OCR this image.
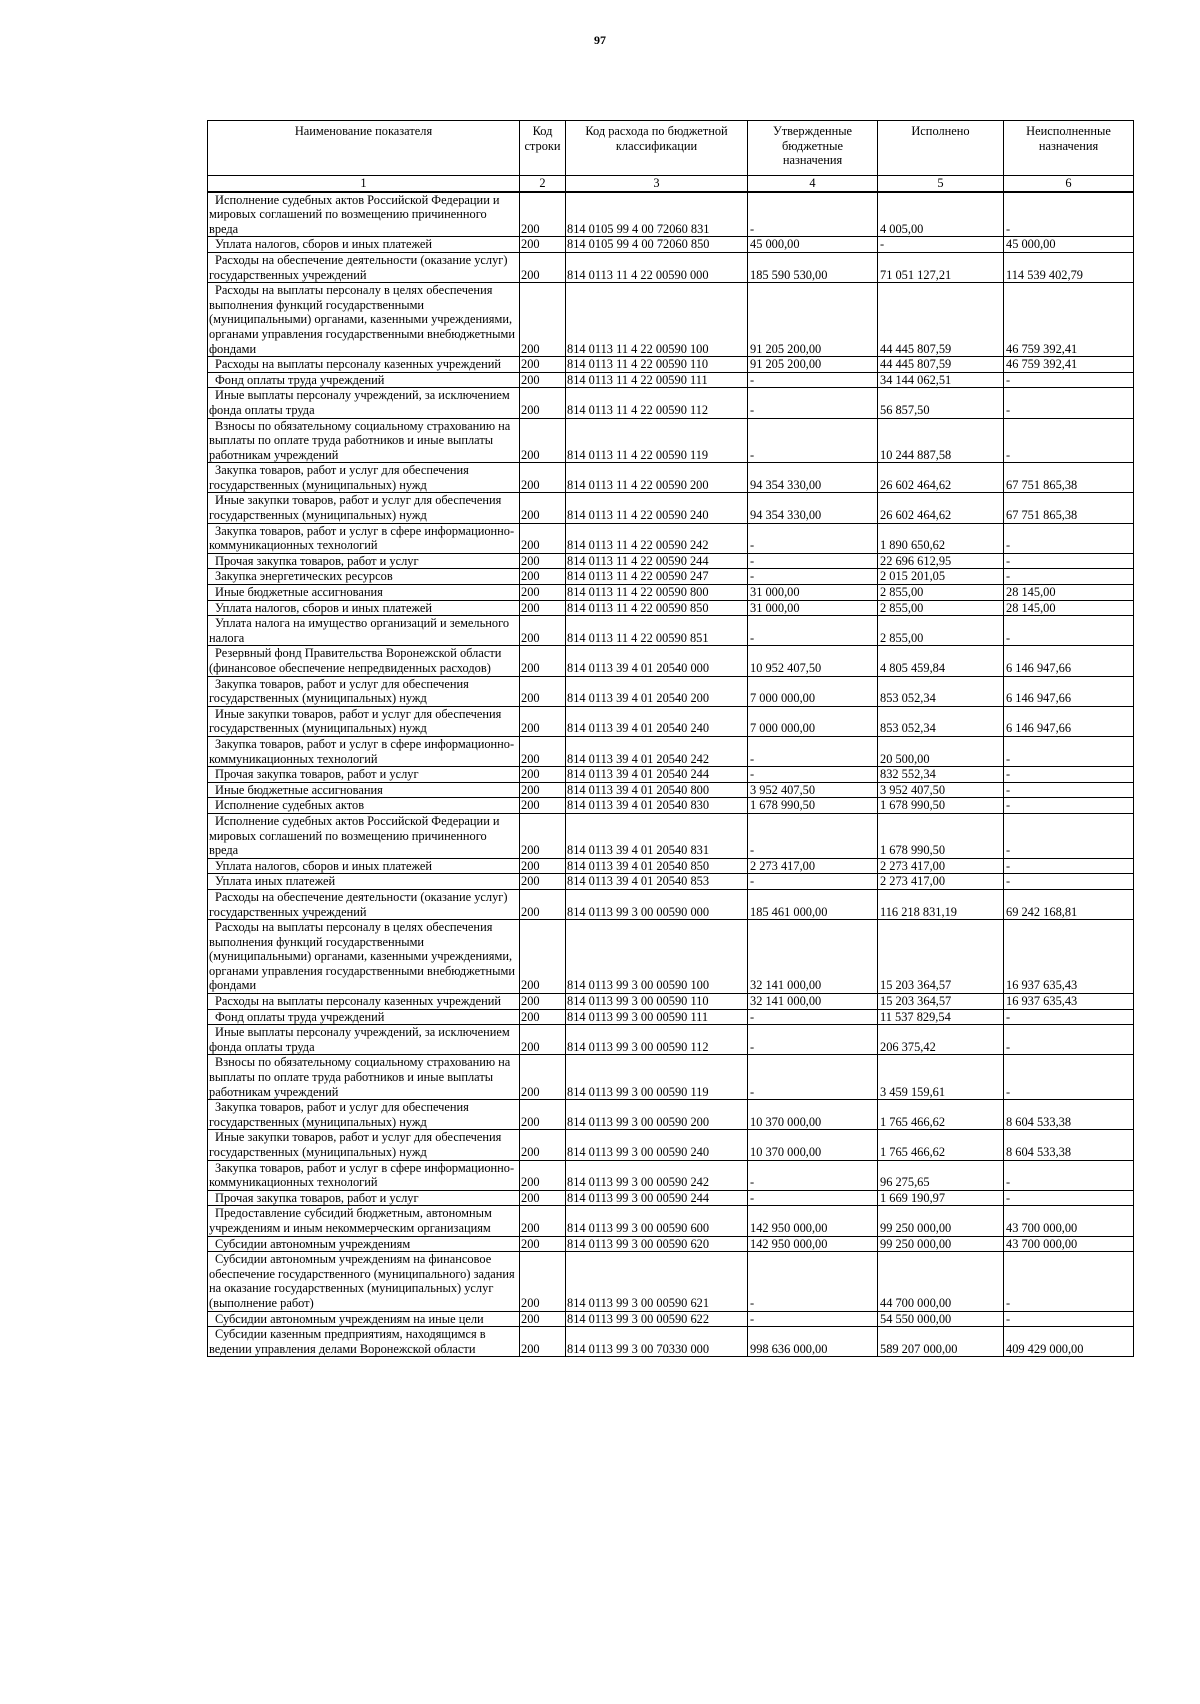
97
Наименование показателя	Код строки	Код расхода по бюджетной классификации	Утвержденные бюджетные назначения	Исполнено	Неисполненные назначения
1	2	3	4	5	6
Исполнение судебных актов Российской Федерации и мировых соглашений по возмещению причиненного вреда	200	814 0105 99 4 00 72060 831	-	4 005,00	-
Уплата налогов, сборов и иных платежей	200	814 0105 99 4 00 72060 850	45 000,00	-	45 000,00
Расходы на обеспечение деятельности (оказание услуг) государственных учреждений	200	814 0113 11 4 22 00590 000	185 590 530,00	71 051 127,21	114 539 402,79
Расходы на выплаты персоналу в целях обеспечения выполнения функций государственными (муниципальными) органами, казенными учреждениями, органами управления государственными внебюджетными фондами	200	814 0113 11 4 22 00590 100	91 205 200,00	44 445 807,59	46 759 392,41
Расходы на выплаты персоналу казенных учреждений	200	814 0113 11 4 22 00590 110	91 205 200,00	44 445 807,59	46 759 392,41
Фонд оплаты труда учреждений	200	814 0113 11 4 22 00590 111	-	34 144 062,51	-
Иные выплаты персоналу учреждений, за исключением фонда оплаты труда	200	814 0113 11 4 22 00590 112	-	56 857,50	-
Взносы по обязательному социальному страхованию на выплаты по оплате труда работников и иные выплаты работникам учреждений	200	814 0113 11 4 22 00590 119	-	10 244 887,58	-
Закупка товаров, работ и услуг для обеспечения государственных (муниципальных) нужд	200	814 0113 11 4 22 00590 200	94 354 330,00	26 602 464,62	67 751 865,38
Иные закупки товаров, работ и услуг для обеспечения государственных (муниципальных) нужд	200	814 0113 11 4 22 00590 240	94 354 330,00	26 602 464,62	67 751 865,38
Закупка товаров, работ и услуг в сфере информационно-коммуникационных технологий	200	814 0113 11 4 22 00590 242	-	1 890 650,62	-
Прочая закупка товаров, работ и услуг	200	814 0113 11 4 22 00590 244	-	22 696 612,95	-
Закупка энергетических ресурсов	200	814 0113 11 4 22 00590 247	-	2 015 201,05	-
Иные бюджетные ассигнования	200	814 0113 11 4 22 00590 800	31 000,00	2 855,00	28 145,00
Уплата налогов, сборов и иных платежей	200	814 0113 11 4 22 00590 850	31 000,00	2 855,00	28 145,00
Уплата налога на имущество организаций и земельного налога	200	814 0113 11 4 22 00590 851	-	2 855,00	-
Резервный фонд Правительства Воронежской области (финансовое обеспечение непредвиденных расходов)	200	814 0113 39 4 01 20540 000	10 952 407,50	4 805 459,84	6 146 947,66
Закупка товаров, работ и услуг для обеспечения государственных (муниципальных) нужд	200	814 0113 39 4 01 20540 200	7 000 000,00	853 052,34	6 146 947,66
Иные закупки товаров, работ и услуг для обеспечения государственных (муниципальных) нужд	200	814 0113 39 4 01 20540 240	7 000 000,00	853 052,34	6 146 947,66
Закупка товаров, работ и услуг в сфере информационно-коммуникационных технологий	200	814 0113 39 4 01 20540 242	-	20 500,00	-
Прочая закупка товаров, работ и услуг	200	814 0113 39 4 01 20540 244	-	832 552,34	-
Иные бюджетные ассигнования	200	814 0113 39 4 01 20540 800	3 952 407,50	3 952 407,50	-
Исполнение судебных актов	200	814 0113 39 4 01 20540 830	1 678 990,50	1 678 990,50	-
Исполнение судебных актов Российской Федерации и мировых соглашений по возмещению причиненного вреда	200	814 0113 39 4 01 20540 831	-	1 678 990,50	-
Уплата налогов, сборов и иных платежей	200	814 0113 39 4 01 20540 850	2 273 417,00	2 273 417,00	-
Уплата иных платежей	200	814 0113 39 4 01 20540 853	-	2 273 417,00	-
Расходы на обеспечение деятельности (оказание услуг) государственных учреждений	200	814 0113 99 3 00 00590 000	185 461 000,00	116 218 831,19	69 242 168,81
Расходы на выплаты персоналу в целях обеспечения выполнения функций государственными (муниципальными) органами, казенными учреждениями, органами управления государственными внебюджетными фондами	200	814 0113 99 3 00 00590 100	32 141 000,00	15 203 364,57	16 937 635,43
Расходы на выплаты персоналу казенных учреждений	200	814 0113 99 3 00 00590 110	32 141 000,00	15 203 364,57	16 937 635,43
Фонд оплаты труда учреждений	200	814 0113 99 3 00 00590 111	-	11 537 829,54	-
Иные выплаты персоналу учреждений, за исключением фонда оплаты труда	200	814 0113 99 3 00 00590 112	-	206 375,42	-
Взносы по обязательному социальному страхованию на выплаты по оплате труда работников и иные выплаты работникам учреждений	200	814 0113 99 3 00 00590 119	-	3 459 159,61	-
Закупка товаров, работ и услуг для обеспечения государственных (муниципальных) нужд	200	814 0113 99 3 00 00590 200	10 370 000,00	1 765 466,62	8 604 533,38
Иные закупки товаров, работ и услуг для обеспечения государственных (муниципальных) нужд	200	814 0113 99 3 00 00590 240	10 370 000,00	1 765 466,62	8 604 533,38
Закупка товаров, работ и услуг в сфере информационно-коммуникационных технологий	200	814 0113 99 3 00 00590 242	-	96 275,65	-
Прочая закупка товаров, работ и услуг	200	814 0113 99 3 00 00590 244	-	1 669 190,97	-
Предоставление субсидий бюджетным, автономным учреждениям и иным некоммерческим организациям	200	814 0113 99 3 00 00590 600	142 950 000,00	99 250 000,00	43 700 000,00
Субсидии автономным учреждениям	200	814 0113 99 3 00 00590 620	142 950 000,00	99 250 000,00	43 700 000,00
Субсидии автономным учреждениям на финансовое обеспечение государственного (муниципального) задания на оказание государственных (муниципальных) услуг (выполнение работ)	200	814 0113 99 3 00 00590 621	-	44 700 000,00	-
Субсидии автономным учреждениям на иные цели	200	814 0113 99 3 00 00590 622	-	54 550 000,00	-
Субсидии казенным предприятиям, находящимся в ведении управления делами Воронежской области	200	814 0113 99 3 00 70330 000	998 636 000,00	589 207 000,00	409 429 000,00
